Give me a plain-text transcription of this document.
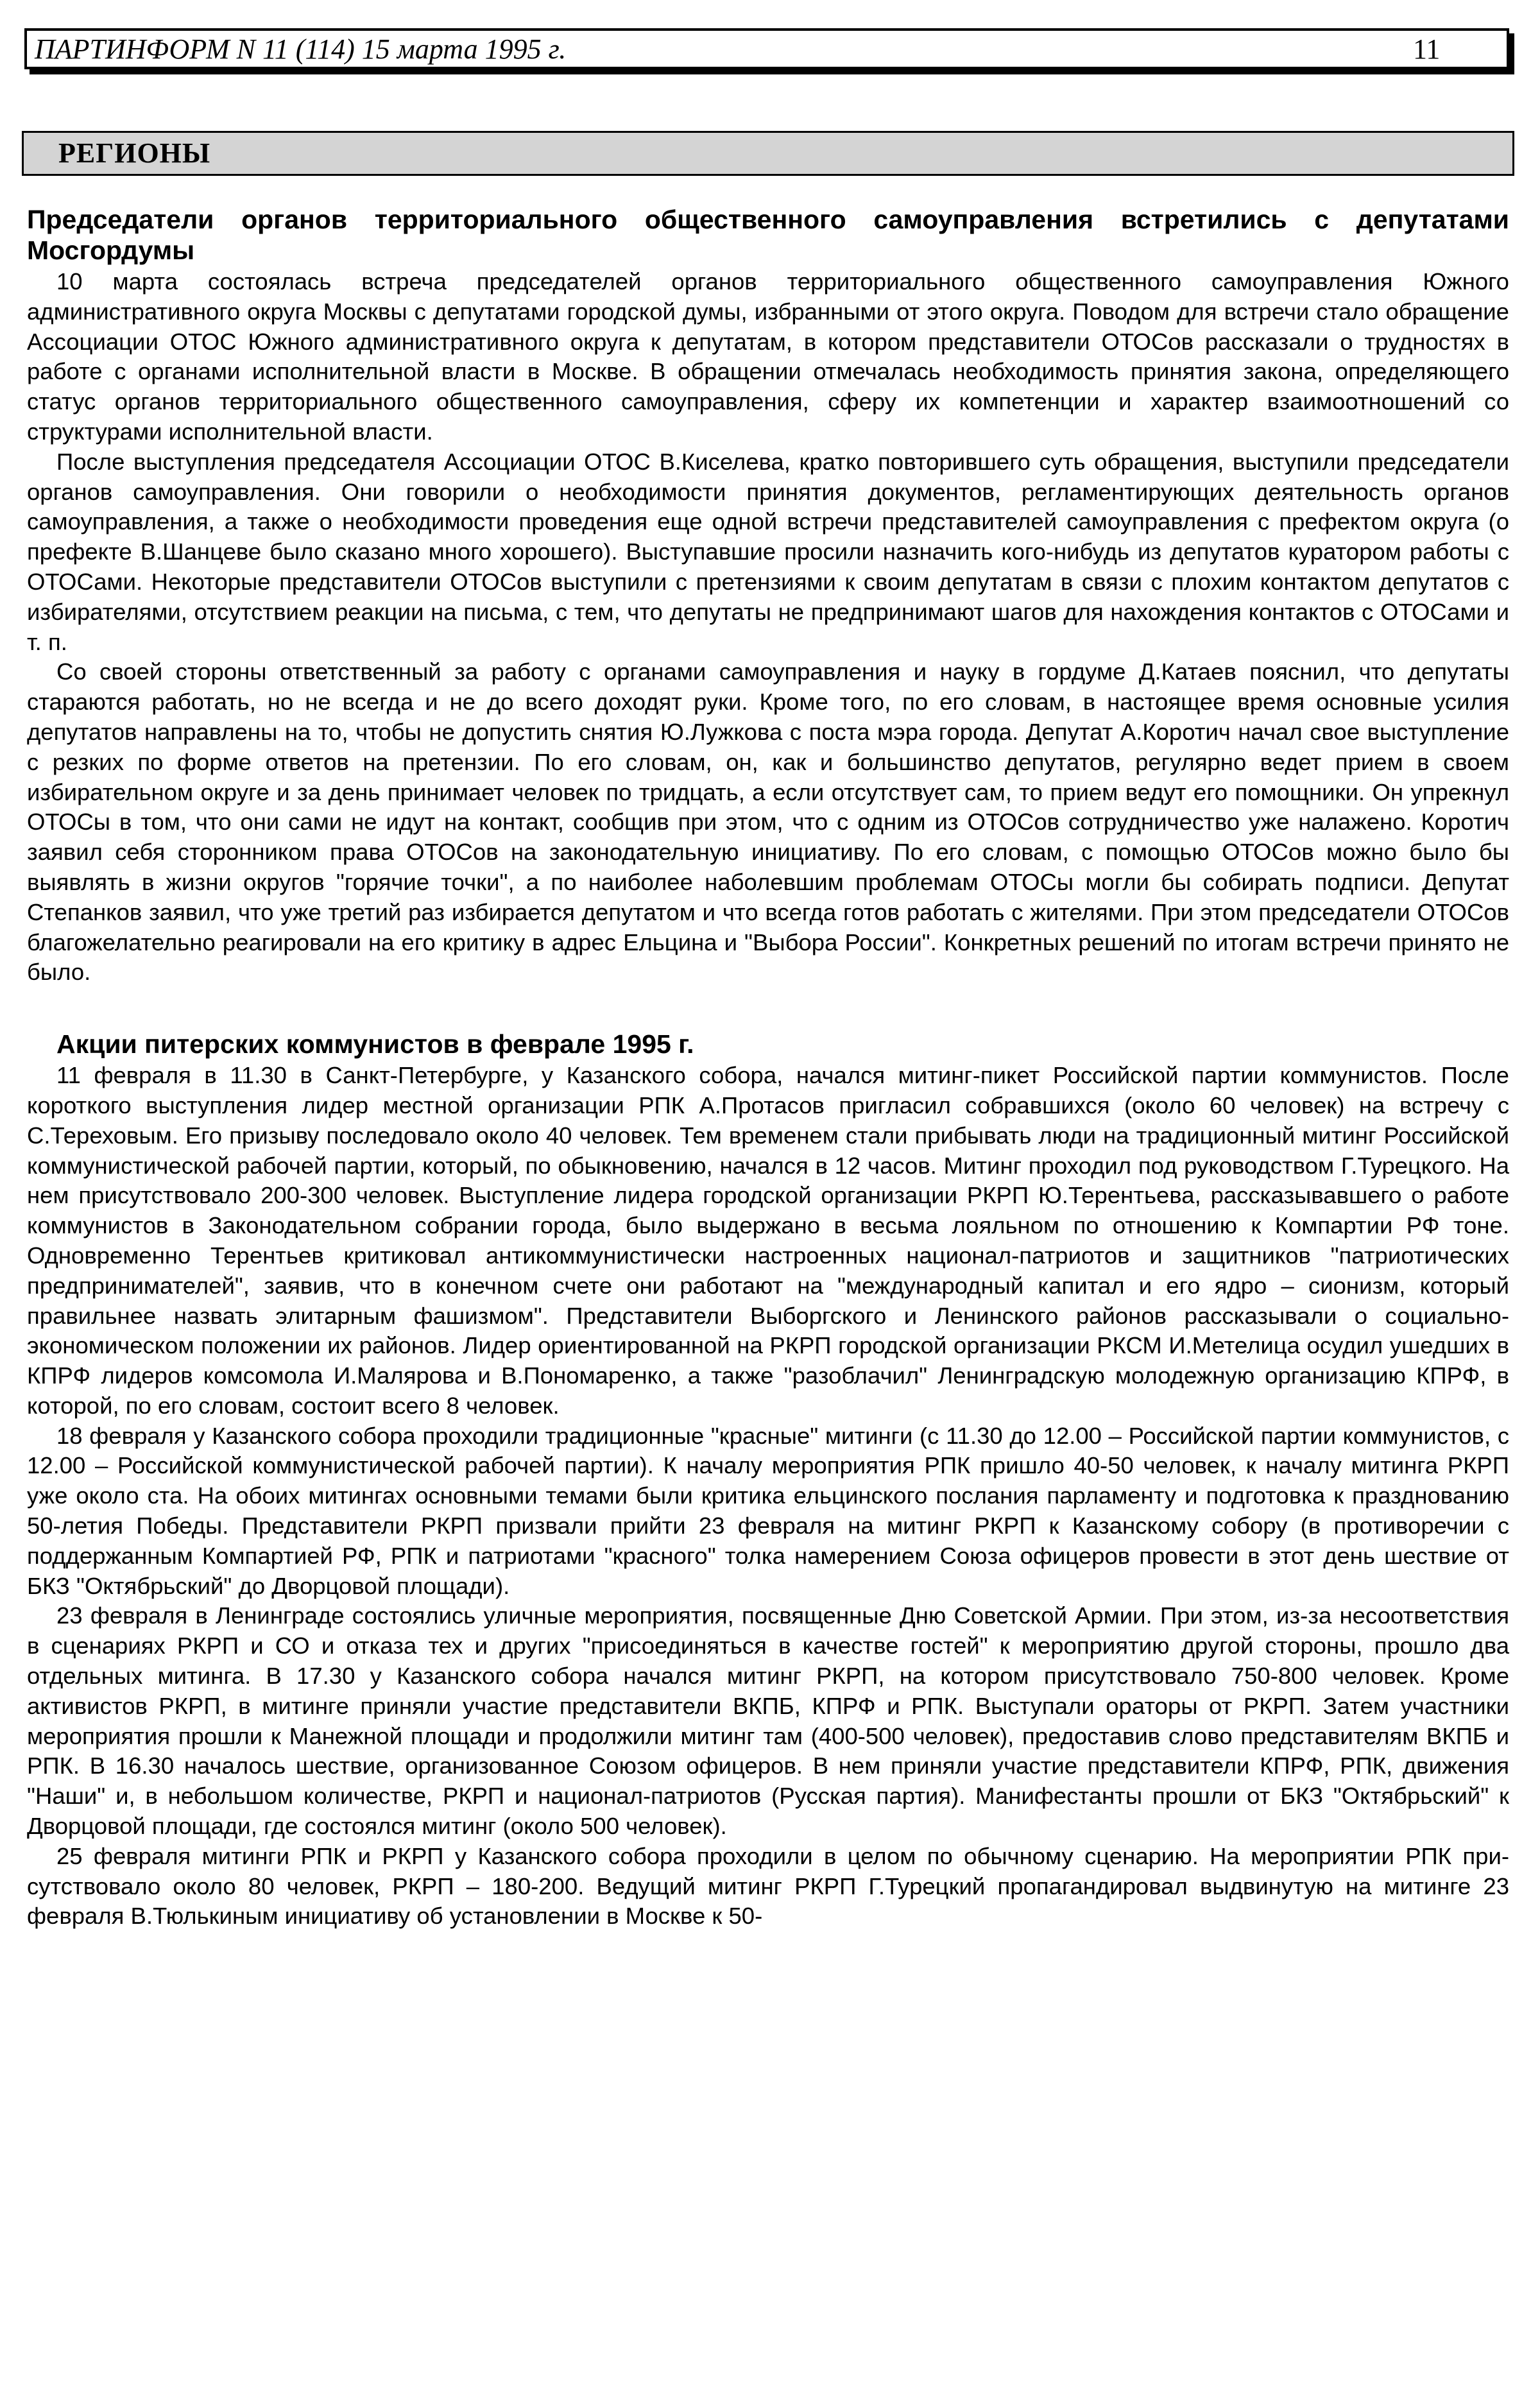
ПАРТИНФОРМ N 11 (114) 15 марта 1995 г.	11
РЕГИОНЫ
Председатели органов территориального общественного самоуправления встретились с депутатами Мосгордумы

10 марта состоялась встреча председателей органов территориального общественного самоуправления Южного административного округа Москвы с депутатами городской думы, избранными от этого округа. Поводом для встречи стало обращение Ассоциации ОТОС Южного административного округа к депутатам, в котором представители ОТОСов рассказали о трудностях в работе с органами исполнительной власти в Москве. В обращении отмечалась необходимость принятия закона, определяющего статус органов территориального общественного самоуправления, сферу их компетенции и характер взаимоотношений со структурами исполнительной власти.

После выступления председателя Ассоциации ОТОС В.Киселева, кратко повторившего суть обращения, выступили председатели органов самоуправления. Они говорили о необходимости принятия документов, регламентирующих деятельность органов самоуправления, а также о необходимости проведения еще одной встречи представителей самоуправления с префектом округа (о префекте В.Шанцеве было сказано много хорошего). Выступавшие просили назначить кого-нибудь из депутатов куратором работы с ОТОСами. Некоторые представители ОТОСов выступили с претензиями к своим депутатам в связи с плохим контактом депутатов с избирателями, отсутствием реакции на письма, с тем, что депутаты не предпринимают шагов для нахождения контактов с ОТОСами и т. п.

Со своей стороны ответственный за работу с органами самоуправления и науку в гордуме Д.Катаев пояснил, что депутаты стараются работать, но не всегда и не до всего доходят руки. Кроме того, по его словам, в настоящее время основные усилия депутатов направлены на то, чтобы не допустить снятия Ю.Лужкова с поста мэра города. Депутат А.Коротич начал свое выступление с резких по форме ответов на претензии. По его словам, он, как и большинство депутатов, регулярно ведет прием в своем избирательном округе и за день принимает человек по тридцать, а если отсутствует сам, то прием ведут его помощники. Он упрекнул ОТОСы в том, что они сами не идут на контакт, сообщив при этом, что с одним из ОТОСов сотрудничество уже налажено. Коротич заявил себя сторонником права ОТОСов на законодательную инициативу. По его словам, с помощью ОТОСов можно было бы выявлять в жизни округов "горячие точки", а по наиболее наболевшим проблемам ОТОСы могли бы собирать подписи. Депутат Степанков заявил, что уже третий раз избирается депутатом и что всегда готов работать с жителями. При этом председатели ОТОСов благожелательно реагировали на его критику в адрес Ельцина и "Выбора России". Конкретных решений по итогам встречи принято не было.

Акции питерских коммунистов в феврале 1995 г.

11 февраля в 11.30 в Санкт-Петербурге, у Казанского собора, начался митинг-пикет Российской партии коммунистов. После короткого выступления лидер местной организации РПК А.Протасов пригласил собравшихся (около 60 человек) на встречу с С.Тереховым. Его призыву последовало около 40 человек. Тем временем стали прибывать люди на традиционный митинг Российской коммунистической рабочей партии, который, по обыкновению, начался в 12 часов. Митинг проходил под руководством Г.Турецкого. На нем присутствовало 200-300 человек. Выступление лидера городской организации РКРП Ю.Терентьева, рассказывавшего о работе коммунистов в Законодательном собрании города, было выдержано в весьма лояльном по отношению к Компартии РФ тоне. Одновременно Терентьев критиковал антикоммунистически настроенных национал-патриотов и защитников "патриотических предпринимателей", заявив, что в конечном счете они работают на "международный капитал и его ядро – сионизм, который правильнее назвать элитарным фашизмом". Представители Выборгского и Ленинского районов рассказывали о социально-экономическом положении их районов. Лидер ориентированной на РКРП городской организации РКСМ И.Метелица осудил ушедших в КПРФ лидеров комсомола И.Малярова и В.Пономаренко, а также "разоблачил" Ленинградскую молодежную организацию КПРФ, в которой, по его словам, состоит всего 8 человек.

18 февраля у Казанского собора проходили традиционные "красные" митинги (с 11.30 до 12.00 – Российской партии коммунистов, с 12.00 – Российской коммунистической рабочей партии). К началу мероприятия РПК пришло 40-50 человек, к началу митинга РКРП уже около ста. На обоих митингах основными темами были критика ельцинского послания парламенту и подготовка к празднованию 50-летия Победы. Представители РКРП призвали прийти 23 февраля на митинг РКРП к Казанскому собору (в противоречии с поддержанным Компартией РФ, РПК и патриотами "красного" толка намерением Союза офицеров провести в этот день шествие от БКЗ "Октябрьский" до Дворцовой площади).

23 февраля в Ленинграде состоялись уличные мероприятия, посвященные Дню Советской Армии. При этом, из-за несоответствия в сценариях РКРП и СО и отказа тех и других "присоединяться в качестве гостей" к мероприятию другой стороны, прошло два отдельных митинга. В 17.30 у Казанского собора начался митинг РКРП, на котором присутствовало 750-800 человек. Кроме активистов РКРП, в митинге приняли участие представители ВКПБ, КПРФ и РПК. Выступали ораторы от РКРП. Затем участники мероприятия прошли к Манежной площади и продолжили митинг там (400-500 человек), предоставив слово представителям ВКПБ и РПК. В 16.30 началось шествие, организованное Союзом офицеров. В нем приняли участие представители КПРФ, РПК, движения "Наши" и, в небольшом количестве, РКРП и национал-патриотов (Русская партия). Манифестанты прошли от БКЗ "Октябрьский" к Дворцовой площади, где состоялся митинг (около 500 человек).

25 февраля митинги РПК и РКРП у Казанского собора проходили в целом по обычному сценарию. На мероприятии РПК при-сутствовало около 80 человек, РКРП – 180-200. Ведущий митинг РКРП Г.Турецкий пропагандировал выдвинутую на митинге 23 февраля В.Тюлькиным инициативу об установлении в Москве к 50-
